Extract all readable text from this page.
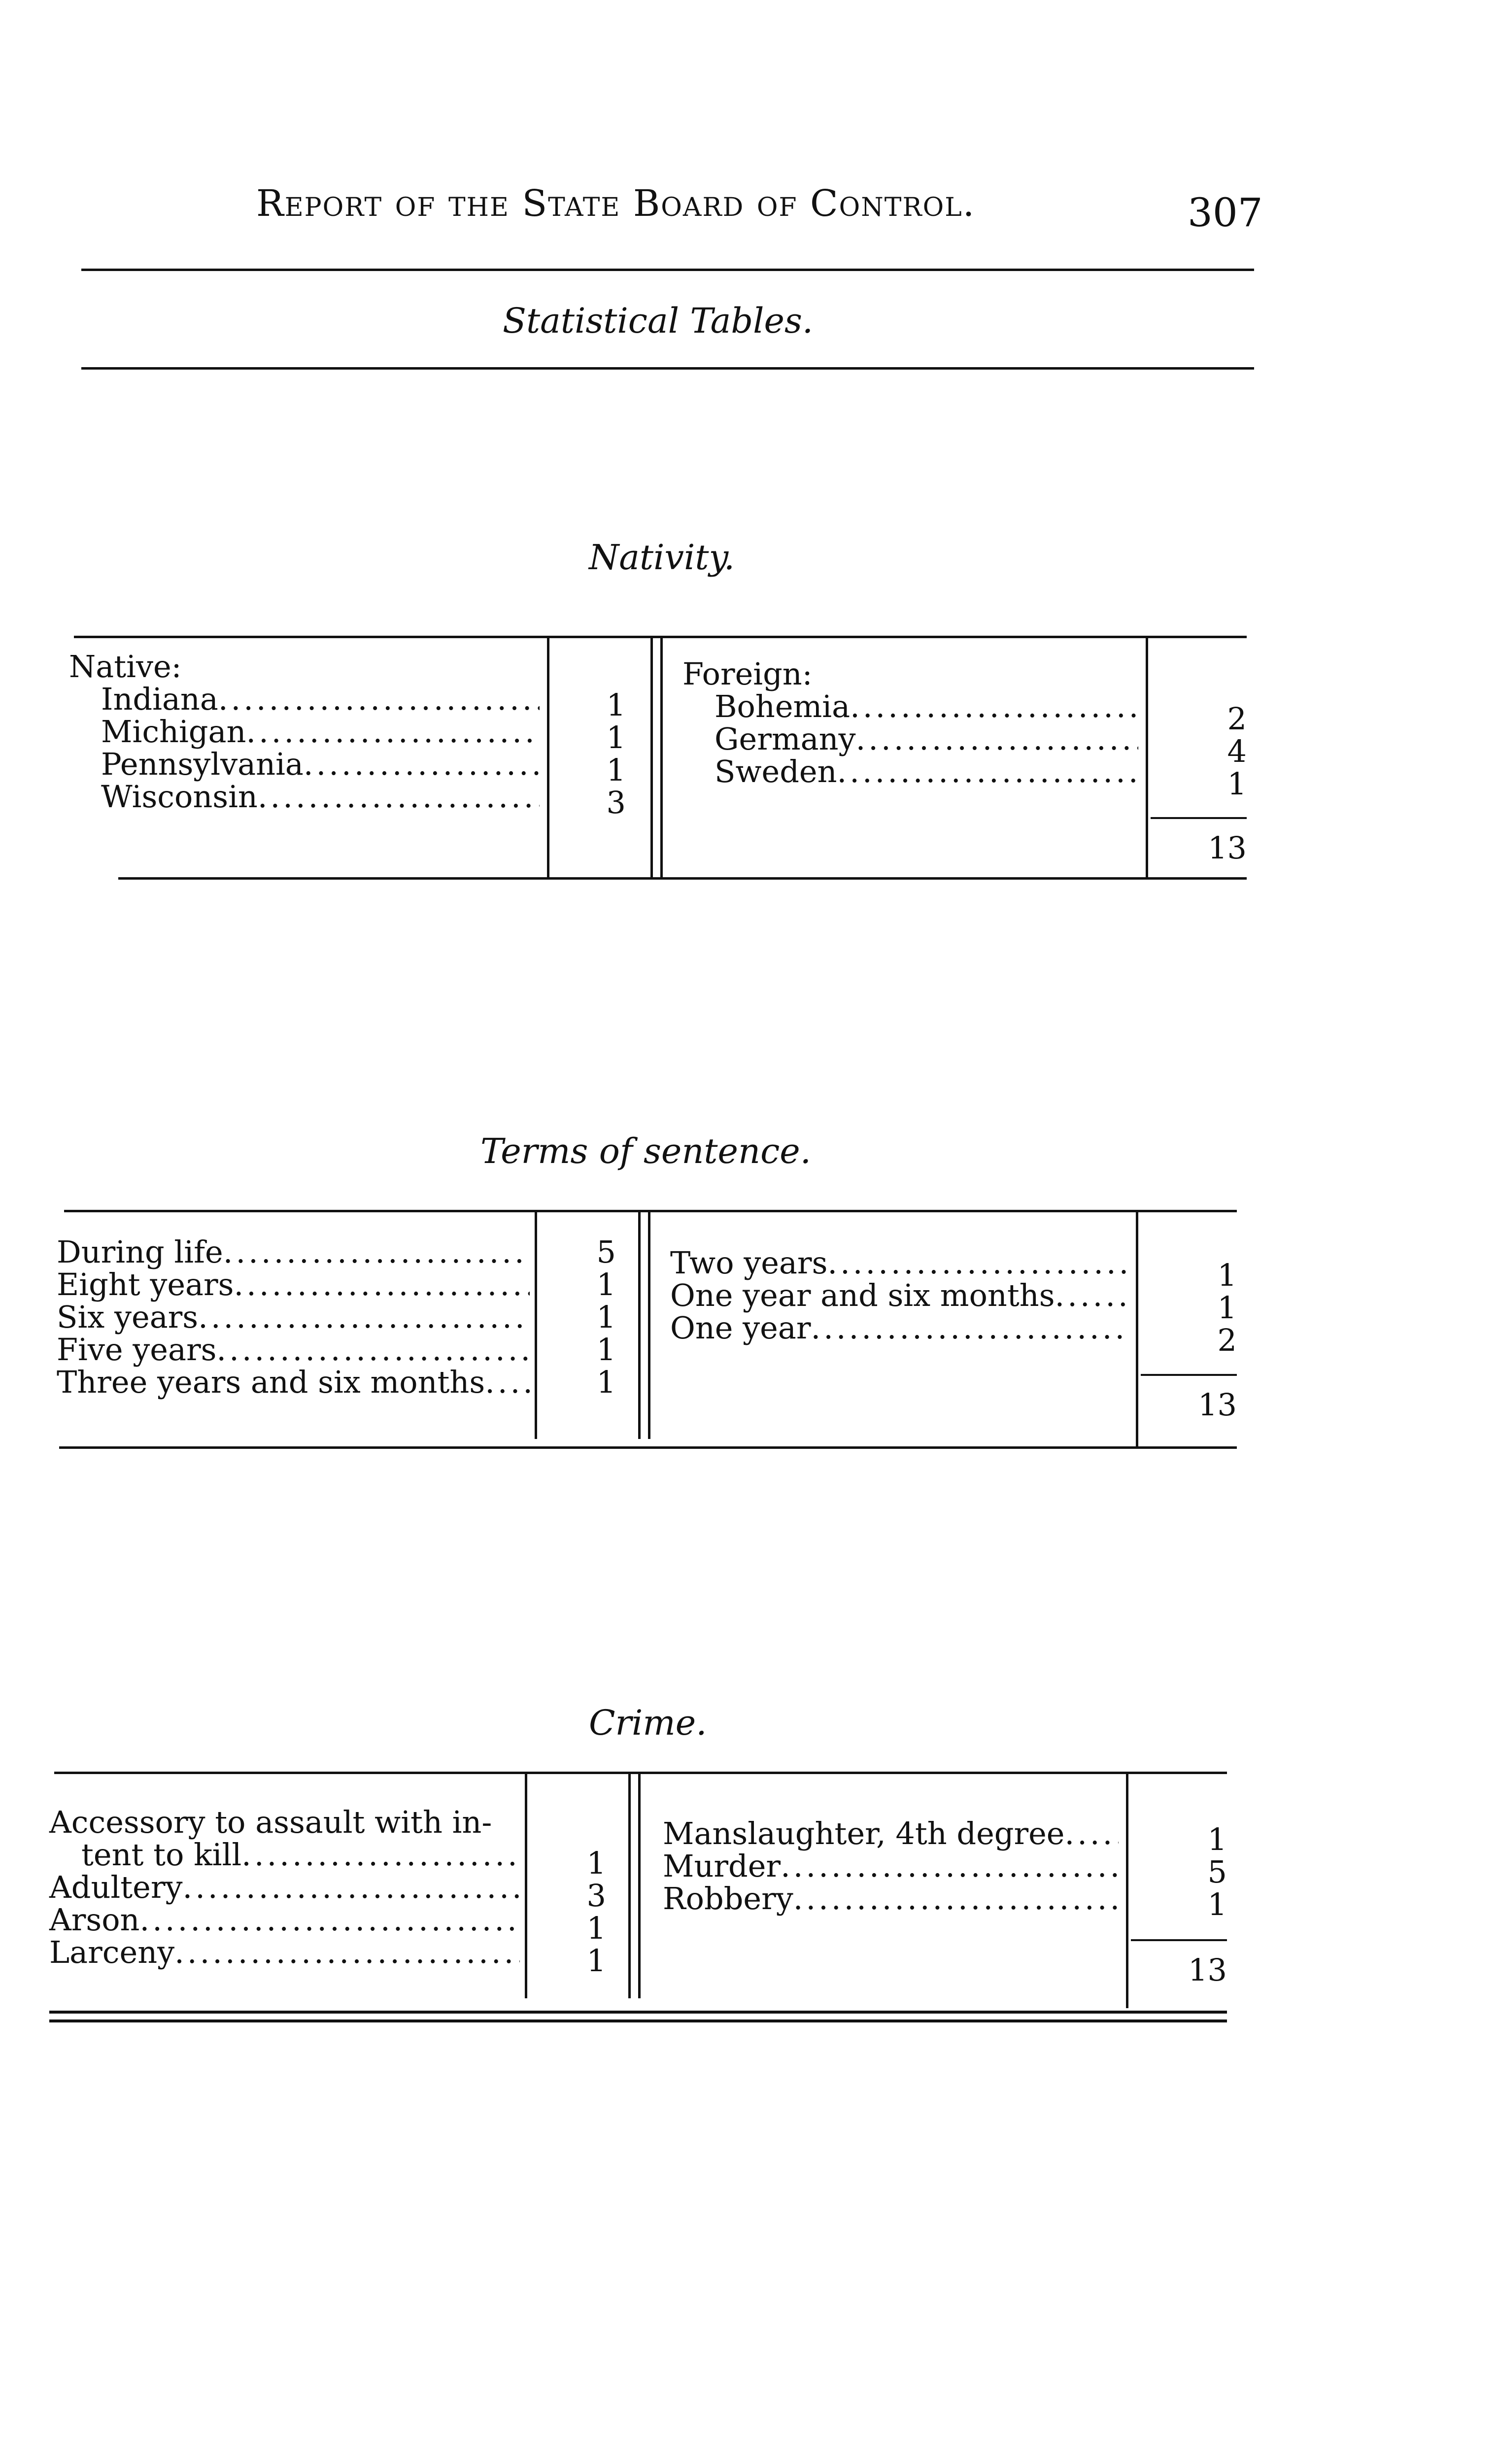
Report of the State Board of Control.	307
Statistical Tables.
Nativity.
Native:
Indiana
.....
Michigan
.....
Pennsylvania
.....
Wisconsin
.....
1
1
1
3
Foreign:
Bohemia
.....
Germany
.....
Sweden
.....
2
4
1
13
Terms of sentence.
During life
.....
Eight years
.....
Six years
.....
Five years
.....
Three years and six months
.....
5
1
1
1
1
Two years
.....
One year and six months
.....
One year
.....
1
1
2
13
Crime.
Accessory to assault with in-
tent to kill
.....
Adultery
.....
Arson
.....
Larceny
.....
1
3
1
1
Manslaughter, 4th degree
.....
Murder
.....
Robbery
.....
1
5
1
13
